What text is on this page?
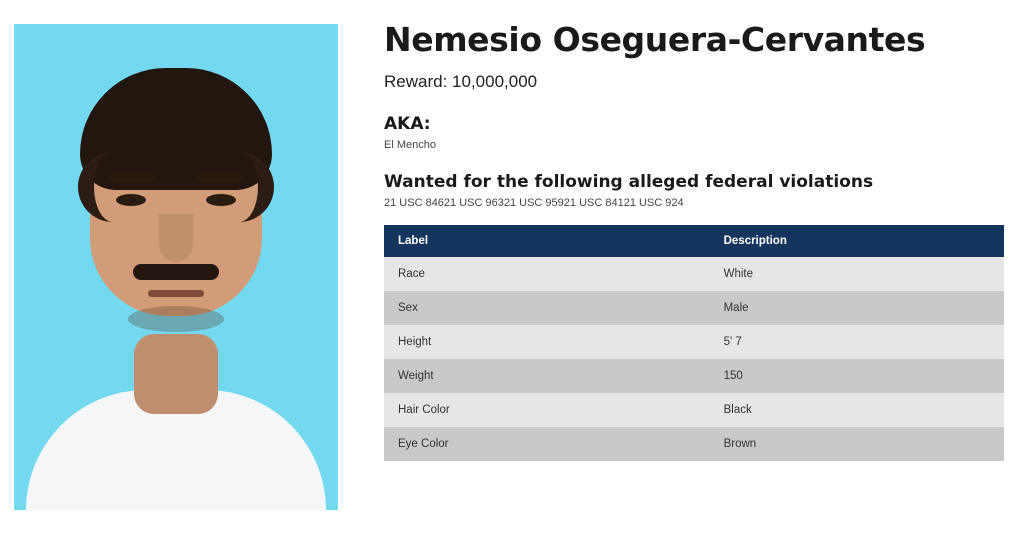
Nemesio Oseguera-Cervantes

Reward: 10,000,000

AKA:

El Mencho

Wanted for the following alleged federal violations

21 USC 84621 USC 96321 USC 95921 USC 84121 USC 924

Label	Description
Race	White
Sex	Male
Height	5' 7
Weight	150
Hair Color	Black
Eye Color	Brown
